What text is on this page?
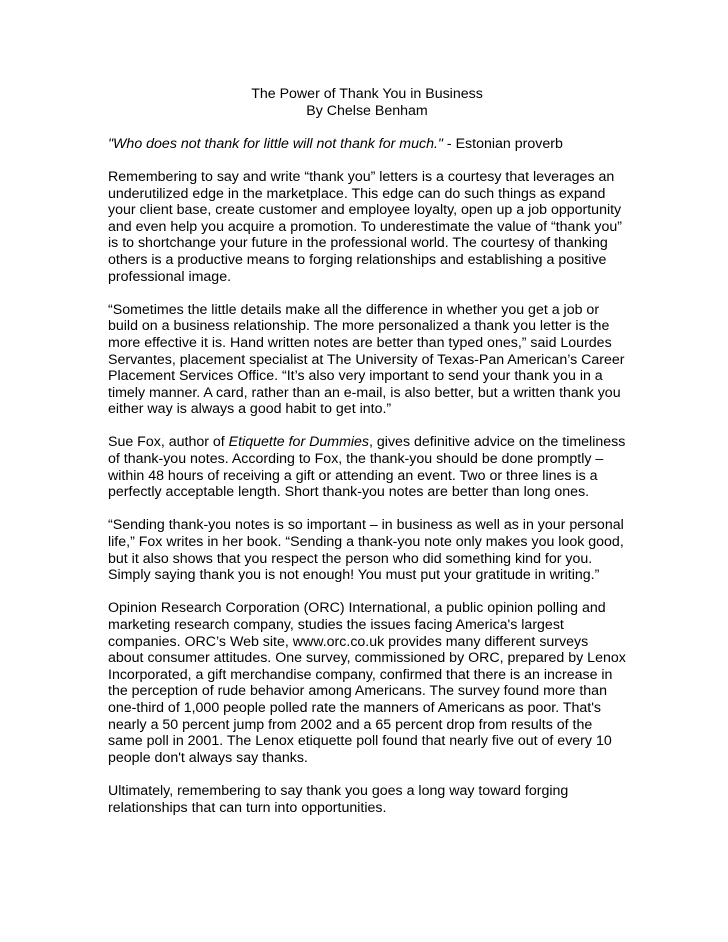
The Power of Thank You in Business

By Chelse Benham

"Who does not thank for little will not thank for much." - Estonian proverb

Remembering to say and write “thank you” letters is a courtesy that leverages an underutilized edge in the marketplace. This edge can do such things as expand your client base, create customer and employee loyalty, open up a job opportunity and even help you acquire a promotion. To underestimate the value of “thank you” is to shortchange your future in the professional world. The courtesy of thanking others is a productive means to forging relationships and establishing a positive professional image.

“Sometimes the little details make all the difference in whether you get a job or build on a business relationship. The more personalized a thank you letter is the more effective it is. Hand written notes are better than typed ones,” said Lourdes Servantes, placement specialist at The University of Texas-Pan American’s Career Placement Services Office. “It’s also very important to send your thank you in a timely manner. A card, rather than an e-mail, is also better, but a written thank you either way is always a good habit to get into.”

Sue Fox, author of Etiquette for Dummies, gives definitive advice on the timeliness of thank-you notes. According to Fox, the thank-you should be done promptly – within 48 hours of receiving a gift or attending an event. Two or three lines is a perfectly acceptable length. Short thank-you notes are better than long ones.

“Sending thank-you notes is so important – in business as well as in your personal life,” Fox writes in her book. “Sending a thank-you note only makes you look good, but it also shows that you respect the person who did something kind for you. Simply saying thank you is not enough! You must put your gratitude in writing.”

Opinion Research Corporation (ORC) International, a public opinion polling and marketing research company, studies the issues facing America's largest companies. ORC’s Web site, www.orc.co.uk provides many different surveys about consumer attitudes. One survey, commissioned by ORC, prepared by Lenox Incorporated, a gift merchandise company, confirmed that there is an increase in the perception of rude behavior among Americans. The survey found more than one-third of 1,000 people polled rate the manners of Americans as poor. That's nearly a 50 percent jump from 2002 and a 65 percent drop from results of the same poll in 2001. The Lenox etiquette poll found that nearly five out of every 10 people don't always say thanks.

Ultimately, remembering to say thank you goes a long way toward forging relationships that can turn into opportunities.
